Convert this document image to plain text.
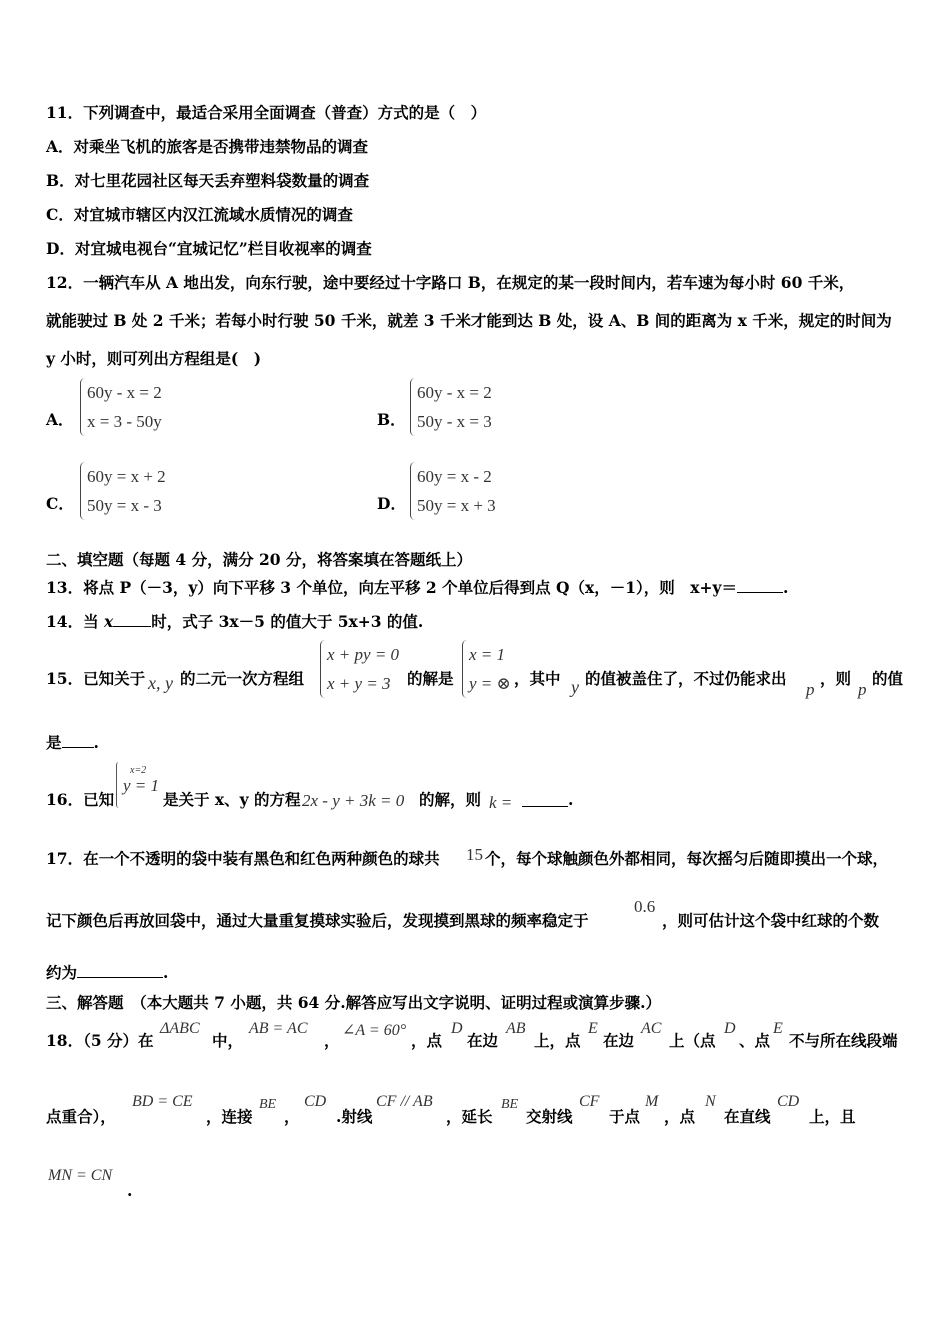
11．下列调查中，最适合采用全面调查（普查）方式的是（　）
A．对乘坐飞机的旅客是否携带违禁物品的调查
B．对七里花园社区每天丢弃塑料袋数量的调查
C．对宜城市辖区内汉江流域水质情况的调查
D．对宜城电视台“宜城记忆”栏目收视率的调查
12．一辆汽车从 A 地出发，向东行驶，途中要经过十字路口 B，在规定的某一段时间内，若车速为每小时 60 千米，
就能驶过 B 处 2 千米；若每小时行驶 50 千米，就差 3 千米才能到达 B 处，设 A、B 间的距离为 x 千米，规定的时间为
y 小时，则可列出方程组是(　)
A．
60y - x = 2
x = 3 - 50y	B．
60y - x = 2
50y - x = 3
C．
60y = x + 2
50y = x - 3	D．
60y = x - 2
50y = x + 3
二、填空题（每题 4 分，满分 20 分，将答案填在答题纸上）
13．将点 P（－3，y）向下平移 3 个单位，向左平移 2 个单位后得到点 Q（x，－1），则　x+y＝	.
14．当 x 时，式子 3x－5 的值大于 5x+3 的值.
15．已知关于 x, y 的二元一次方程组
x + py = 0
x + y = 3	的解是
x = 1
y = ⊗ ，其中 y 的值被盖住了，不过仍能求出
p
，则
p
的值
是 .
16．已知
x=2
y = 1
是关于 x、y 的方程 2x - y + 3k = 0 的解，则 k =	.
17．在一个不透明的袋中装有黑色和红色两种颜色的球共 15 个，每个球触颜色外都相同，每次摇匀后随即摸出一个球，
记下颜色后再放回袋中，通过大量重复摸球实验后，发现摸到黑球的频率稳定于
0.6
，则可估计这个袋中红球的个数
约为	.
三、解答题　（本大题共 7 小题，共 64 分.解答应写出文字说明、证明过程或演算步骤.）
18．（5 分）在
ΔABC
中，
AB = AC
，
∠A = 60°
，点
D
在边
AB
上，点
E
在边
AC
上（点
D
、点
E
不与所在线段端
点重合），
BD = CE
，连接
BE
，
CD
.射线
CF // AB
，延长
BE
交射线
CF
于点
M
，点
N
在直线
CD
上，且
MN = CN
.
